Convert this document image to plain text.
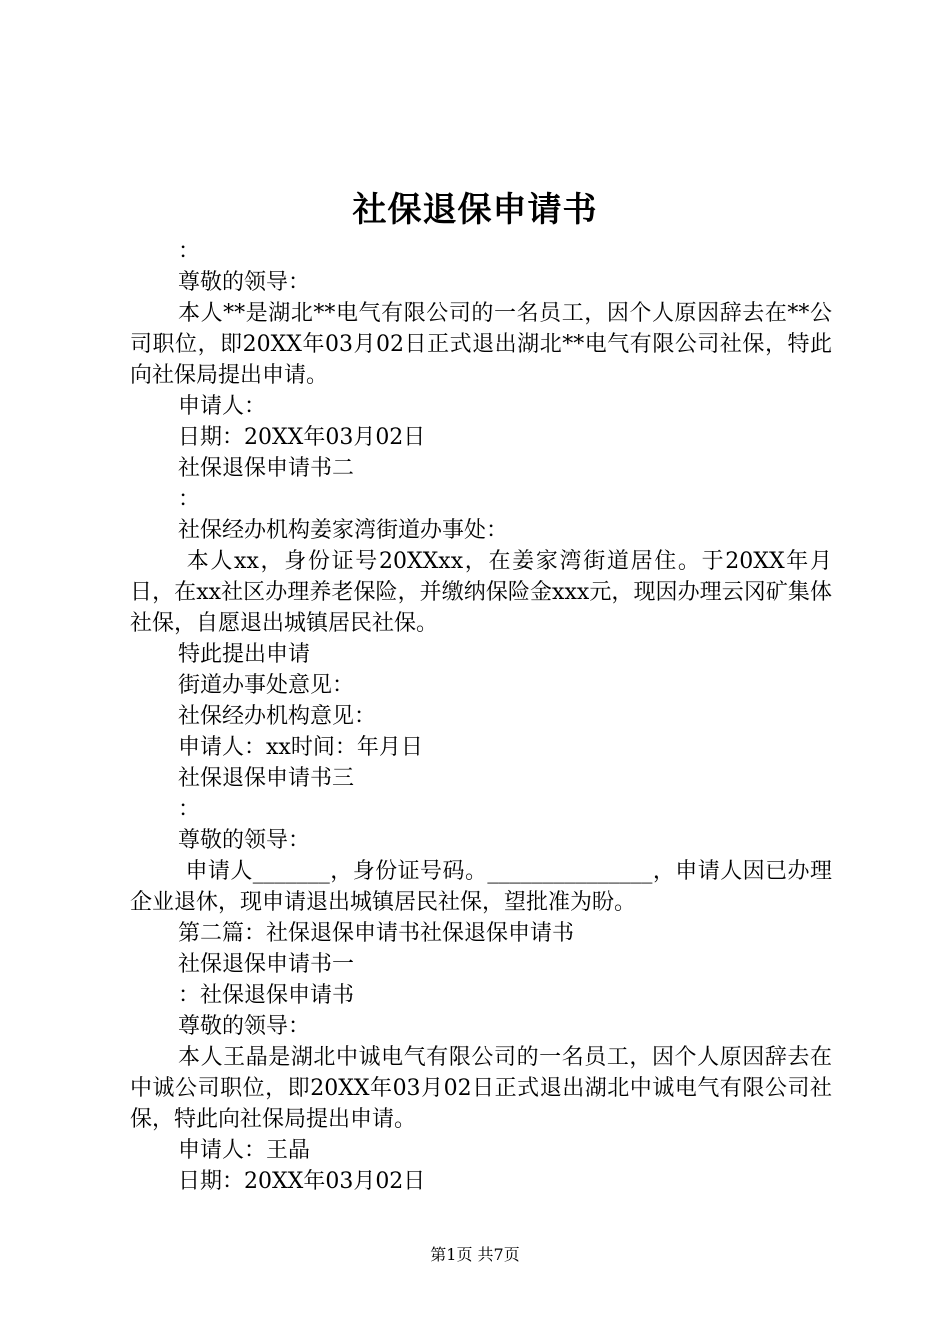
社保退保申请书

：

尊敬的领导：

本人**是湖北**电气有限公司的一名员工，因个人原因辞去在**公司职位，即20XX年03月02日正式退出湖北**电气有限公司社保，特此向社保局提出申请。

申请人：

日期：20XX年03月02日

社保退保申请书二

：

社保经办机构姜家湾街道办事处：

本人xx，身份证号20XXxx，在姜家湾街道居住。于20XX年月日，在xx社区办理养老保险，并缴纳保险金xxx元，现因办理云冈矿集体社保，自愿退出城镇居民社保。

特此提出申请

街道办事处意见：

社保经办机构意见：

申请人：xx时间：年月日

社保退保申请书三

：

尊敬的领导：

申请人_______，身份证号码。_______________，申请人因已办理企业退休，现申请退出城镇居民社保，望批准为盼。

第二篇：社保退保申请书社保退保申请书

社保退保申请书一

：社保退保申请书

尊敬的领导：

本人王晶是湖北中诚电气有限公司的一名员工，因个人原因辞去在中诚公司职位，即20XX年03月02日正式退出湖北中诚电气有限公司社保，特此向社保局提出申请。

申请人：王晶

日期：20XX年03月02日

第1页 共7页
